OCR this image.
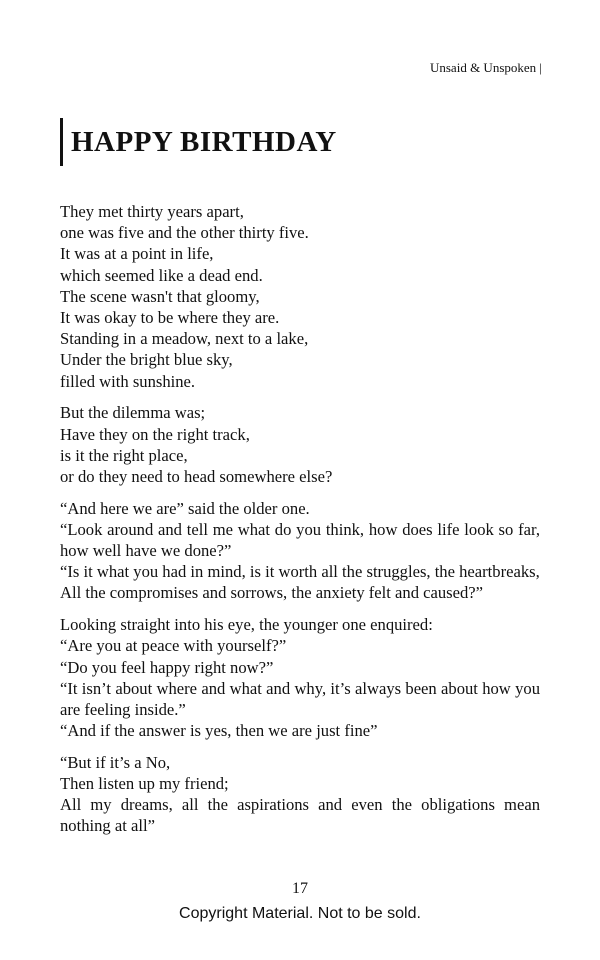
Unsaid & Unspoken |
HAPPY BIRTHDAY
They met thirty years apart,
one was five and the other thirty five.
It was at a point in life,
which seemed like a dead end.
The scene wasn't that gloomy,
It was okay to be where they are.
Standing in a meadow, next to a lake,
Under the bright blue sky,
filled with sunshine.
But the dilemma was;
Have they on the right track,
is it the right place,
or do they need to head somewhere else?
“And here we are” said the older one.
“Look around and tell me what do you think, how does life look so far, how well have we done?”
“Is it what you had in mind, is it worth all the struggles, the heartbreaks,
All the compromises and sorrows, the anxiety felt and caused?”
Looking straight into his eye, the younger one enquired:
“Are you at peace with yourself?”
“Do you feel happy right now?”
“It isn’t about where and what and why, it’s always been about how you are feeling inside.”
“And if the answer is yes, then we are just fine”
“But if it’s a No,
Then listen up my friend;
All my dreams, all the aspirations and even the obligations mean nothing at all”
17
Copyright Material. Not to be sold.
